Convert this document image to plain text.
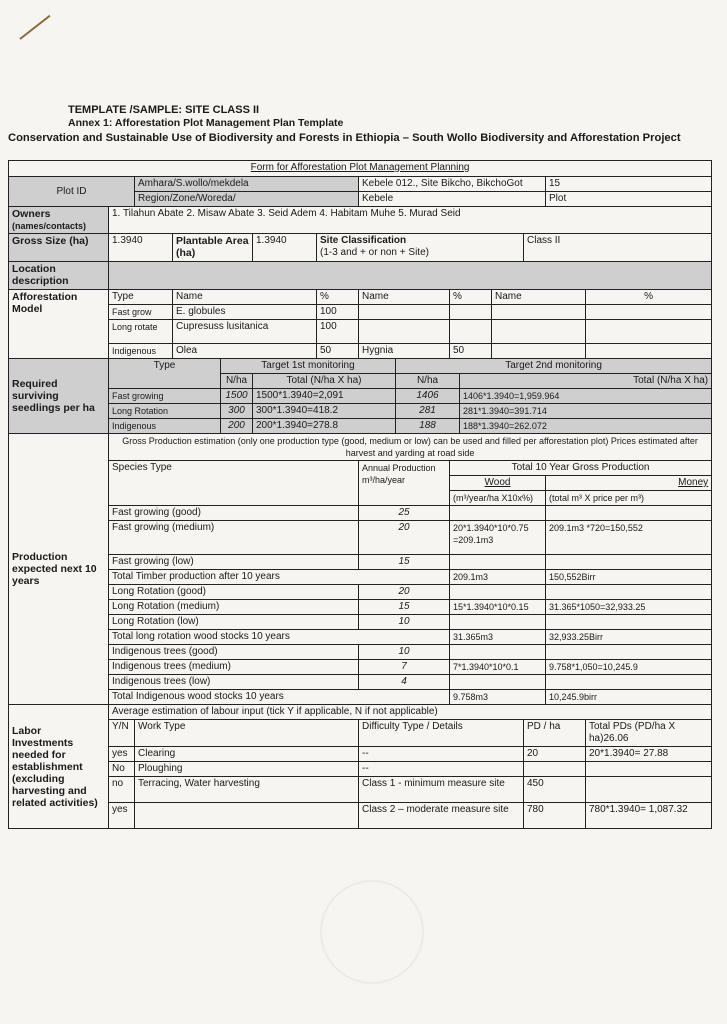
TEMPLATE /SAMPLE: SITE CLASS II
Annex 1: Afforestation Plot Management Plan Template
Conservation and Sustainable Use of Biodiversity and Forests in Ethiopia – South Wollo Biodiversity and Afforestation Project
Form for Afforestation Plot Management Planning														
Plot ID		Amhara/S.wollo/mekdela					Kebele 012., Site Bikcho, BikchoGot						15	
		Region/Zone/Woreda/					Kebele						Plot	
Owners
(names/contacts)	1. Tilahun Abate 2. Misaw Abate 3. Seid Adem 4. Habitam Muhe 5. Murad Seid													
Gross Size (ha)	1.3940		Plantable Area (ha)		1.3940	Site Classification
(1-3 and + or non + Site)						Class II		
Location description														
Afforestation Model	Type		Name			%	Name		%		Name			%
	Fast grow		E. globules			100								
	Long rotate		Cupresuss lusitanica			100								

	Indigenous		Olea			50	Hygnia		50					
Required surviving seedlings per ha	Type			Target 1st monitoring				Target 2nd monitoring						
				N/ha	Total (N/ha X ha)			N/ha		Total (N/ha X ha)				
	Fast growing			1500	1500*1.3940=2,091			1406		1406*1.3940=1,959.964				
	Long Rotation			300	300*1.3940=418.2			281		281*1.3940=391.714				
	Indigenous			200	200*1.3940=278.8			188		188*1.3940=262.072				
Production expected next 10 years	Gross Production estimation (only one production type (good, medium or low) can be used and filled per afforestation plot) Prices estimated after harvest and yarding at road side													
	Species Type						Annual Production m³/ha/year		Total 10 Year Gross Production					
									Wood				Money	
									(m³/year/ha X10x%)				(total m³ X price per m³)	
	Fast growing (good)						25							
	Fast growing (medium)						20		20*1.3940*10*0.75 =209.1m3				209.1m3 *720=150,552	
	Fast growing (low)						15							
	Total Timber production after 10 years								209.1m3				150,552Birr	
	Long Rotation (good)						20							
	Long Rotation (medium)						15		15*1.3940*10*0.15				31.365*1050=32,933.25	
	Long Rotation (low)						10							
	Total long rotation wood stocks 10 years								31.365m3				32,933.25Birr	
	Indigenous trees (good)						10							
	Indigenous trees (medium)						7		7*1.3940*10*0.1				9.758*1,050=10,245.9	
	Indigenous trees (low)						4							
	Total Indigenous wood stocks 10 years								9.758m3				10,245.9birr	
Labor Investments needed for establishment (excluding harvesting and related activities)	Average estimation of labour input (tick Y if applicable, N if not applicable)													
	Y/N	Work Type					Difficulty Type / Details					PD / ha		Total PDs (PD/ha X ha)26.06
	yes	Clearing					--					20		20*1.3940= 27.88
	No	Ploughing					--							
	no	Terracing, Water harvesting					Class 1 - minimum measure site					450		
	yes						Class 2 – moderate measure site					780		780*1.3940= 1,087.32
